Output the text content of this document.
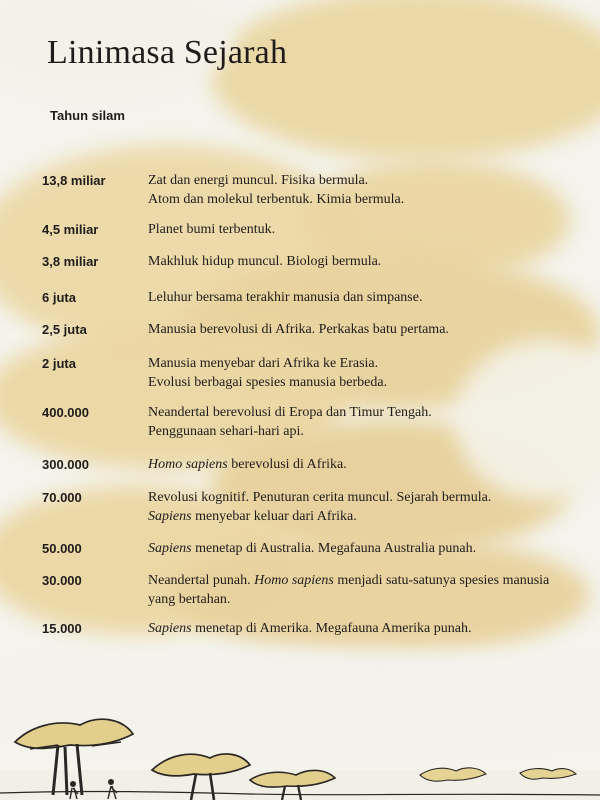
Linimasa Sejarah
Tahun silam
13,8 miliar	Zat dan energi muncul. Fisika bermula.
Atom dan molekul terbentuk. Kimia bermula.
4,5 miliar	Planet bumi terbentuk.
3,8 miliar	Makhluk hidup muncul. Biologi bermula.
6 juta	Leluhur bersama terakhir manusia dan simpanse.
2,5 juta	Manusia berevolusi di Afrika. Perkakas batu pertama.
2 juta	Manusia menyebar dari Afrika ke Erasia.
Evolusi berbagai spesies manusia berbeda.
400.000	Neandertal berevolusi di Eropa dan Timur Tengah.
Penggunaan sehari-hari api.
300.000	Homo sapiens berevolusi di Afrika.
70.000	Revolusi kognitif. Penuturan cerita muncul. Sejarah bermula.
Sapiens menyebar keluar dari Afrika.
50.000	Sapiens menetap di Australia. Megafauna Australia punah.
30.000	Neandertal punah. Homo sapiens menjadi satu-satunya spesies manusia
yang bertahan.
15.000	Sapiens menetap di Amerika. Megafauna Amerika punah.
